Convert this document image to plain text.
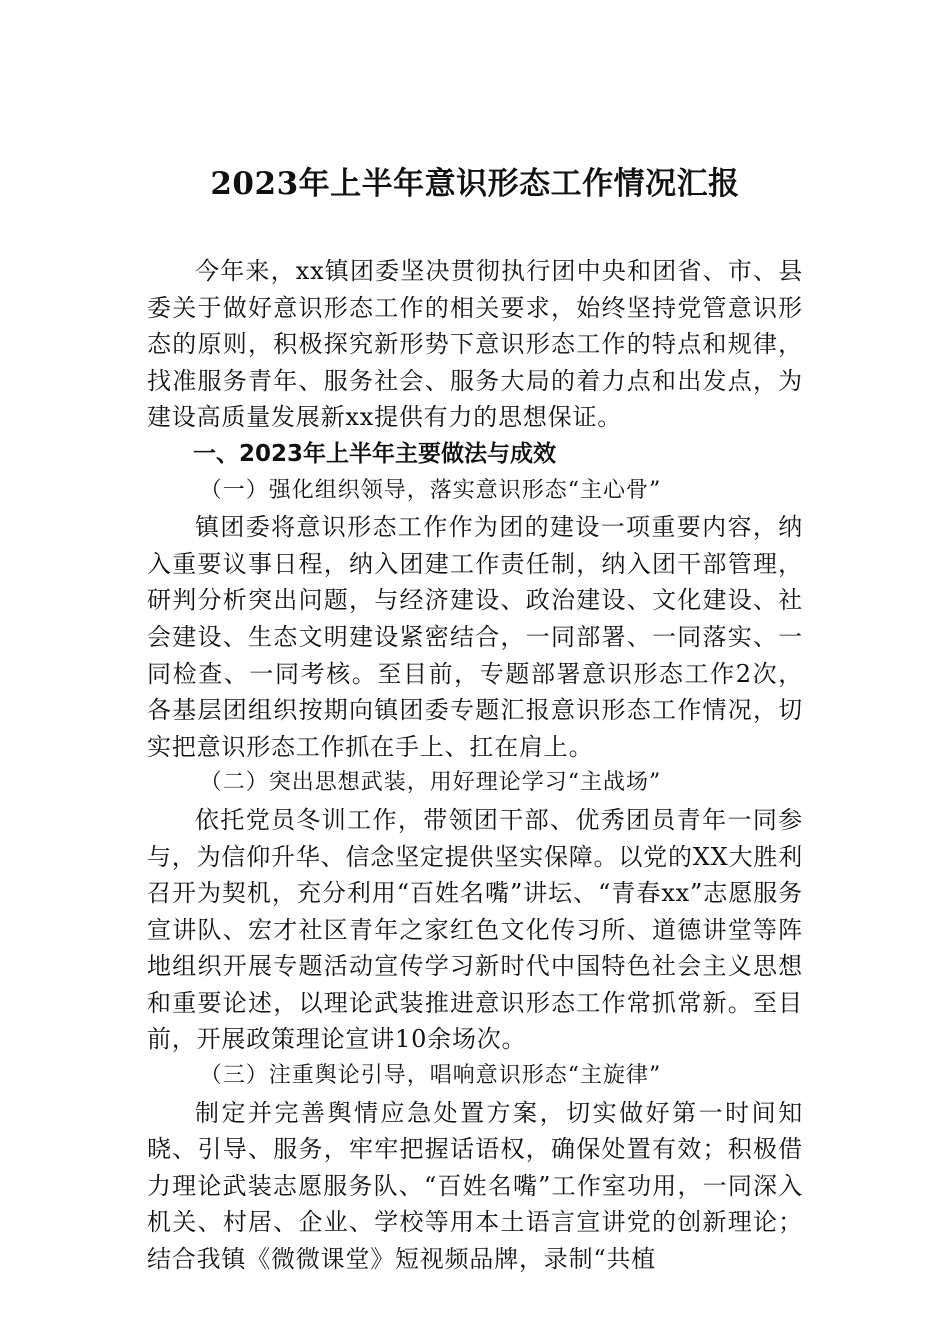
2023年上半年意识形态工作情况汇报

今年来，xx镇团委坚决贯彻执行团中央和团省、市、县委关于做好意识形态工作的相关要求，始终坚持党管意识形态的原则，积极探究新形势下意识形态工作的特点和规律，找准服务青年、服务社会、服务大局的着力点和出发点，为建设高质量发展新xx提供有力的思想保证。

一、2023年上半年主要做法与成效

（一）强化组织领导，落实意识形态“主心骨”

镇团委将意识形态工作作为团的建设一项重要内容，纳入重要议事日程，纳入团建工作责任制，纳入团干部管理，研判分析突出问题，与经济建设、政治建设、文化建设、社会建设、生态文明建设紧密结合，一同部署、一同落实、一同检查、一同考核。至目前，专题部署意识形态工作2次，各基层团组织按期向镇团委专题汇报意识形态工作情况，切实把意识形态工作抓在手上、扛在肩上。

（二）突出思想武装，用好理论学习“主战场”

依托党员冬训工作，带领团干部、优秀团员青年一同参与，为信仰升华、信念坚定提供坚实保障。以党的XX大胜利召开为契机，充分利用“百姓名嘴”讲坛、“青春xx”志愿服务宣讲队、宏才社区青年之家红色文化传习所、道德讲堂等阵地组织开展专题活动宣传学习新时代中国特色社会主义思想和重要论述，以理论武装推进意识形态工作常抓常新。至目前，开展政策理论宣讲10余场次。

（三）注重舆论引导，唱响意识形态“主旋律”

制定并完善舆情应急处置方案，切实做好第一时间知晓、引导、服务，牢牢把握话语权，确保处置有效；积极借力理论武装志愿服务队、“百姓名嘴”工作室功用，一同深入机关、村居、企业、学校等用本土语言宣讲党的创新理论；结合我镇《微微课堂》短视频品牌，录制“共植
